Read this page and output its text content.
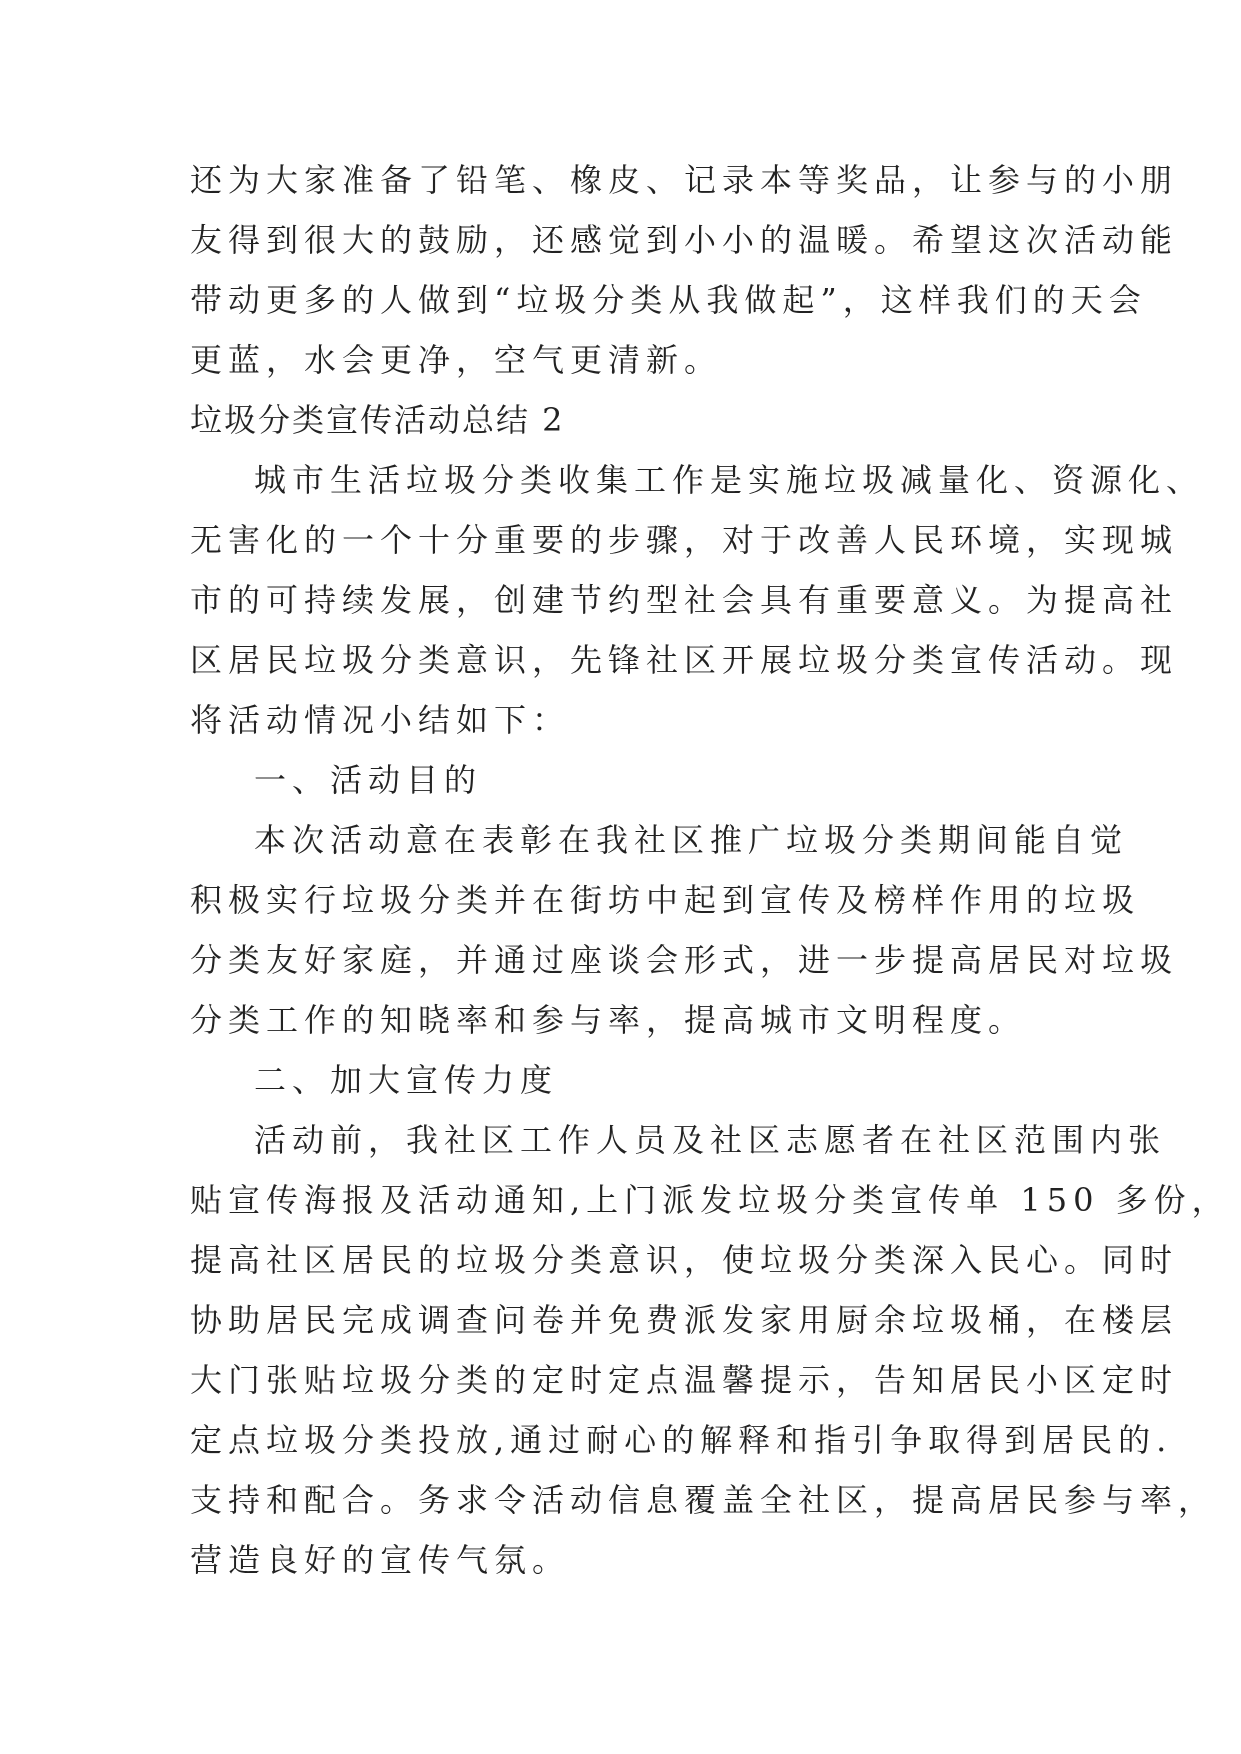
还为大家准备了铅笔、橡皮、记录本等奖品，让参与的小朋
友得到很大的鼓励，还感觉到小小的温暖。希望这次活动能
带动更多的人做到“垃圾分类从我做起”，这样我们的天会
更蓝，水会更净，空气更清新。
垃圾分类宣传活动总结 2
城市生活垃圾分类收集工作是实施垃圾减量化、资源化、
无害化的一个十分重要的步骤，对于改善人民环境，实现城
市的可持续发展，创建节约型社会具有重要意义。为提高社
区居民垃圾分类意识，先锋社区开展垃圾分类宣传活动。现
将活动情况小结如下：
一、活动目的
本次活动意在表彰在我社区推广垃圾分类期间能自觉
积极实行垃圾分类并在街坊中起到宣传及榜样作用的垃圾
分类友好家庭，并通过座谈会形式，进一步提高居民对垃圾
分类工作的知晓率和参与率，提高城市文明程度。
二、加大宣传力度
活动前，我社区工作人员及社区志愿者在社区范围内张
贴宣传海报及活动通知,上门派发垃圾分类宣传单 150 多份，
提高社区居民的垃圾分类意识，使垃圾分类深入民心。同时
协助居民完成调查问卷并免费派发家用厨余垃圾桶，在楼层
大门张贴垃圾分类的定时定点温馨提示，告知居民小区定时
定点垃圾分类投放,通过耐心的解释和指引争取得到居民的.
支持和配合。务求令活动信息覆盖全社区，提高居民参与率，
营造良好的宣传气氛。
